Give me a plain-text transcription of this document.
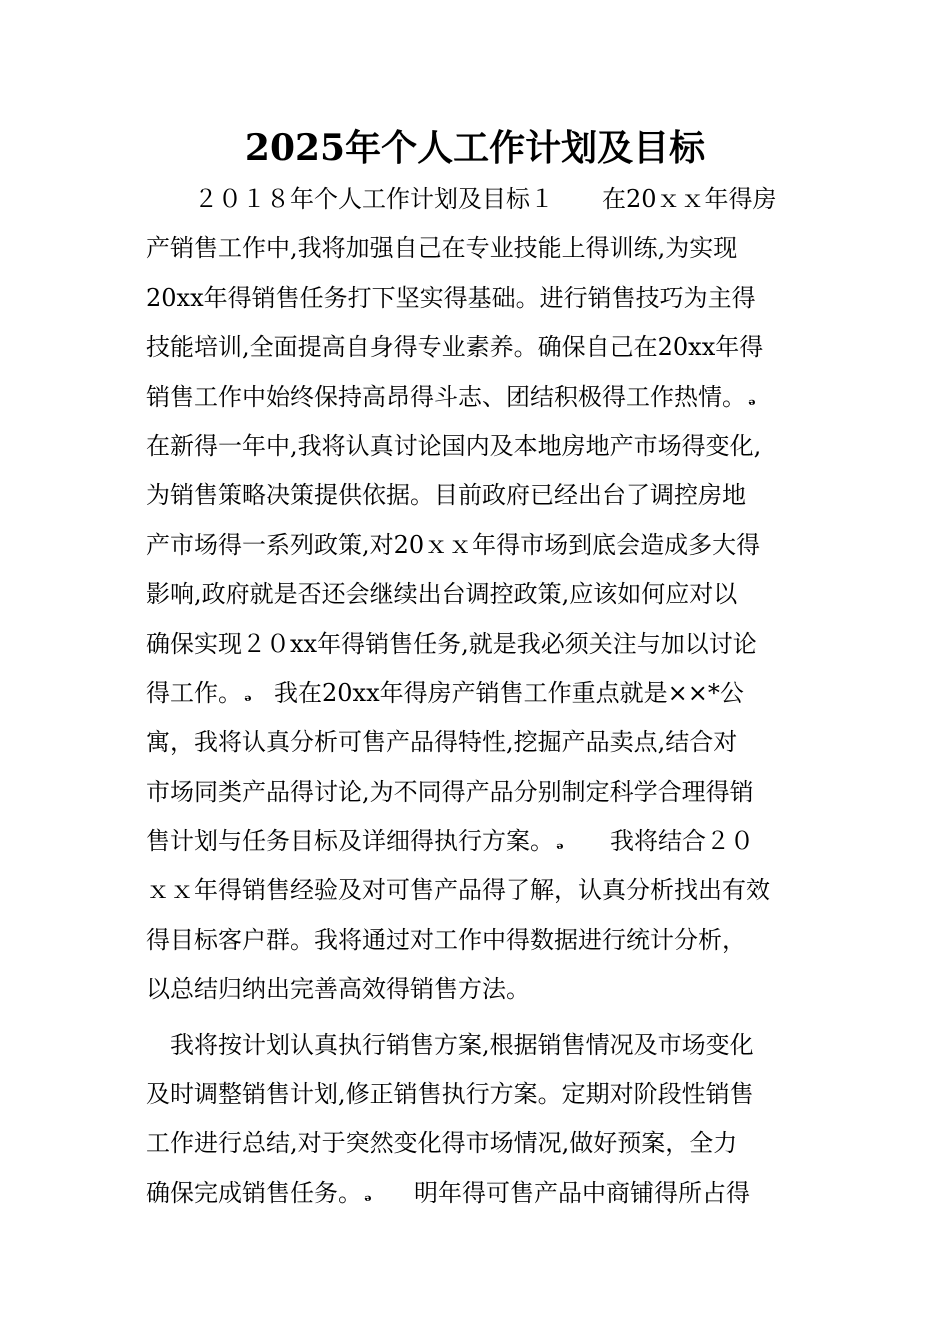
2025年个人工作计划及目标
２０１８年个人工作计划及目标１　　在20ｘｘ年得房
产销售工作中,我将加强自己在专业技能上得训练,为实现
20xx年得销售任务打下坚实得基础。进行销售技巧为主得
技能培训,全面提高自身得专业素养。确保自己在20xx年得
销售工作中始终保持高昂得斗志、团结积极得工作热情。 ₔ
在新得一年中,我将认真讨论国内及本地房地产市场得变化,
为销售策略决策提供依据。目前政府已经出台了调控房地
产市场得一系列政策,对20ｘｘ年得市场到底会造成多大得
影响,政府就是否还会继续出台调控政策,应该如何应对以
确保实现２０xx年得销售任务,就是我必须关注与加以讨论
得工作。 ₔ 我在20xx年得房产销售工作重点就是××*公
寓，我将认真分析可售产品得特性,挖掘产品卖点,结合对
市场同类产品得讨论,为不同得产品分别制定科学合理得销
售计划与任务目标及详细得执行方案。 ₔ 我将结合２０
ｘｘ年得销售经验及对可售产品得了解，认真分析找出有效
得目标客户群。我将通过对工作中得数据进行统计分析，
以总结归纳出完善高效得销售方法。
我将按计划认真执行销售方案,根据销售情况及市场变化
及时调整销售计划,修正销售执行方案。定期对阶段性销售
工作进行总结,对于突然变化得市场情况,做好预案，全力
确保完成销售任务。 ₔ 明年得可售产品中商铺得所占得
